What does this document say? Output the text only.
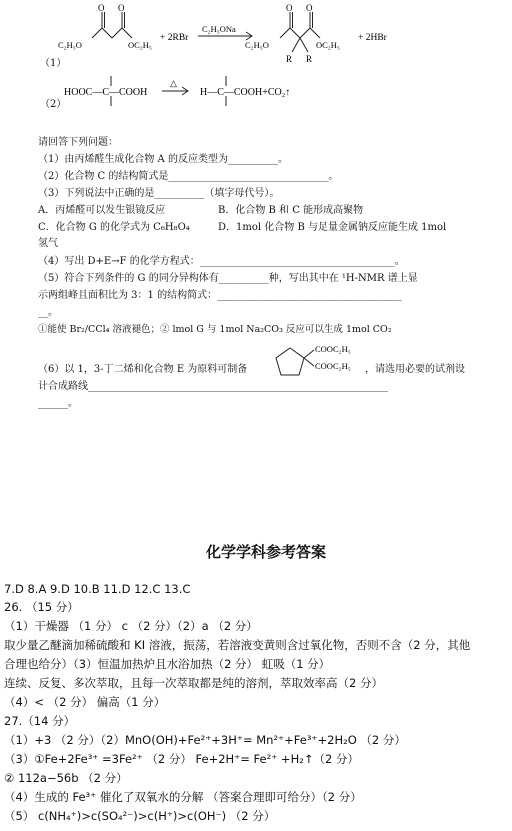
O O	O O
C₂H₅O	OC₂H₅
+ 2RBr
C₂H₅ONa
C₂H₅O	OC₂H₅
R R
+ 2HBr
（1）
HOOC—C—COOH
△
H—C—COOH+CO₂↑
（2）
请回答下列问题：
（1）由丙烯醛生成化合物 A 的反应类型为__________。
（2）化合物 C 的结构简式是________________________________。
（3）下列说法中正确的是__________（填字母代号）。
A．丙烯醛可以发生银镜反应	B．化合物 B 和 C 能形成高聚物
C．化合物 G 的化学式为 C₆H₈O₄	D．1mol 化合物 B 与足量金属钠反应能生成 1mol
氢气
（4）写出 D+E→F 的化学方程式：_______________________________________。
（5）符合下列条件的 G 的同分异构体有__________种，写出其中在 ¹H-NMR 谱上显
示两组峰且面积比为 3：1 的结构简式：_____________________________________
__。
①能使 Br₂/CCl₄ 溶液褪色；② lmol G 与 1mol Na₂CO₃ 反应可以生成 1mol CO₂
（6）以 1，3-丁二烯和化合物 E 为原料可制备
COOC₂H₅
COOC₂H₅ ，请选用必要的试剂设
计合成路线____________________________________________________________
______。
化学学科参考答案
7.D 8.A 9.D 10.B 11.D 12.C 13.C
26. （15 分）
（1）干燥器 （1 分） c （2 分）（2）a （2 分）
取少量乙醚滴加稀硫酸和 KI 溶液，振荡，若溶液变黄则含过氧化物，否则不含（2 分，其他
合理也给分）（3）恒温加热炉且水浴加热（2 分） 虹吸（1 分）
连续、反复、多次萃取，且每一次萃取都是纯的溶剂，萃取效率高（2 分）
（4）< （2 分） 偏高（1 分）
27.（14 分）
（1）+3 （2 分）（2）MnO(OH)+Fe²⁺+3H⁺= Mn²⁺+Fe³⁺+2H₂O （2 分）
（3）①Fe+2Fe³⁺ =3Fe²⁺ （2 分） Fe+2H⁺= Fe²⁺ +H₂↑（2 分）
② 112a−56b （2 分）
（4）生成的 Fe³⁺ 催化了双氧水的分解 （答案合理即可给分）（2 分）
（5） c(NH₄⁺)>c(SO₄²⁻)>c(H⁺)>c(OH⁻) （2 分）
